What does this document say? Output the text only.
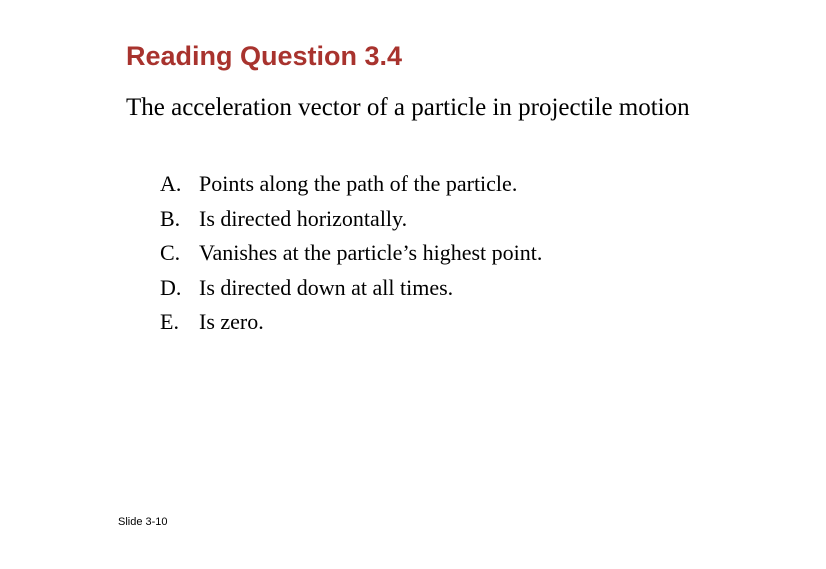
Reading Question 3.4

The acceleration vector of a particle in projectile motion

A. Points along the path of the particle.
B. Is directed horizontally.
C. Vanishes at the particle’s highest point.
D. Is directed down at all times.
E. Is zero.
Slide 3-10
